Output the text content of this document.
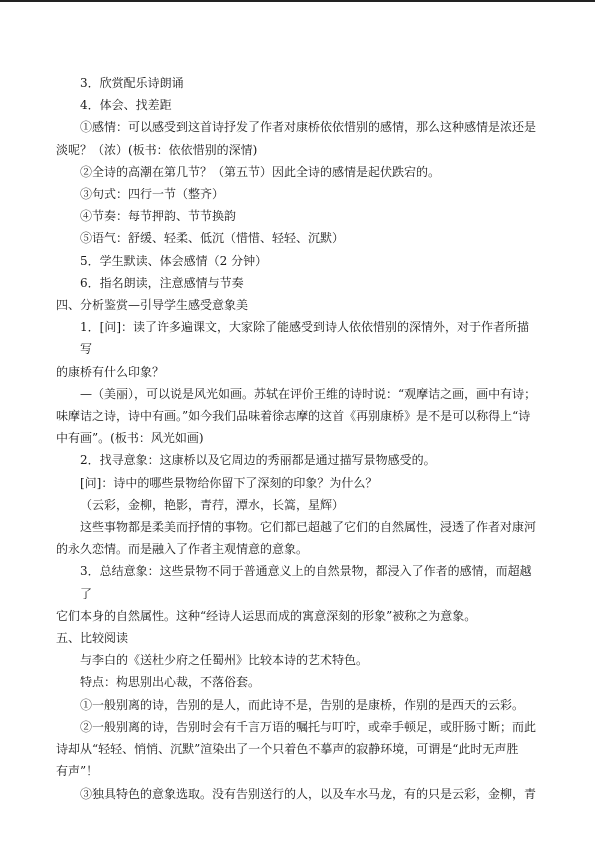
3．欣赏配乐诗朗诵

4．体会、找差距

①感情：可以感受到这首诗抒发了作者对康桥依依惜别的感情，那么这种感情是浓还是

淡呢？（浓）(板书：依依惜别的深情)

②全诗的高潮在第几节？（第五节）因此全诗的感情是起伏跌宕的。

③句式：四行一节（整齐）

④节奏：每节押韵、节节换韵

⑤语气：舒缓、轻柔、低沉（惜惜、轻轻、沉默）

5．学生默读、体会感情（2 分钟）

6．指名朗读，注意感情与节奏

四、分析鉴赏—引导学生感受意象美

1．[问]：读了许多遍课文，大家除了能感受到诗人依依惜别的深情外，对于作者所描写

的康桥有什么印象？

—（美丽），可以说是风光如画。苏轼在评价王维的诗时说：“观摩诘之画，画中有诗；

味摩诘之诗，诗中有画。”如今我们品味着徐志摩的这首《再别康桥》是不是可以称得上“诗

中有画”。(板书：风光如画)

2．找寻意象：这康桥以及它周边的秀丽都是通过描写景物感受的。

[问]：诗中的哪些景物给你留下了深刻的印象？为什么？

（云彩，金柳，艳影，青荇，潭水，长篙，星辉）

这些事物都是柔美而抒情的事物。它们都已超越了它们的自然属性，浸透了作者对康河

的永久恋情。而是融入了作者主观情意的意象。

3．总结意象：这些景物不同于普通意义上的自然景物，都浸入了作者的感情，而超越了

它们本身的自然属性。这种“经诗人运思而成的寓意深刻的形象”被称之为意象。

五、比较阅读

与李白的《送杜少府之任蜀州》比较本诗的艺术特色。

特点：构思别出心裁，不落俗套。

①一般别离的诗，告别的是人，而此诗不是，告别的是康桥，作别的是西天的云彩。

②一般别离的诗，告别时会有千言万语的嘱托与叮咛，或牵手顿足，或肝肠寸断；而此

诗却从“轻轻、悄悄、沉默”渲染出了一个只着色不摹声的寂静环境，可谓是“此时无声胜

有声”！

③独具特色的意象选取。没有告别送行的人，以及车水马龙，有的只是云彩，金柳，青
